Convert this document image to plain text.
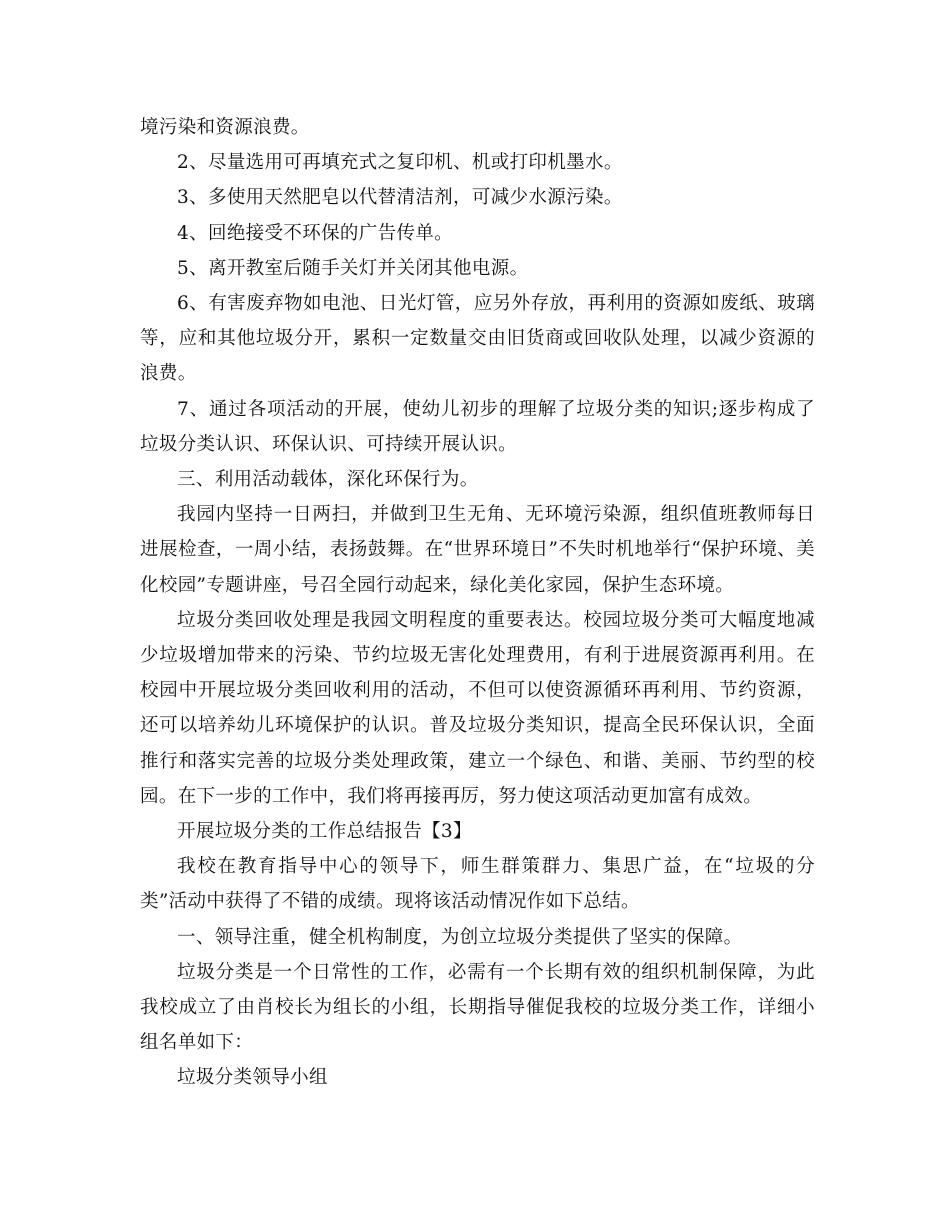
境污染和资源浪费。

2、尽量选用可再填充式之复印机、机或打印机墨水。

3、多使用天然肥皂以代替清洁剂，可减少水源污染。

4、回绝接受不环保的广告传单。

5、离开教室后随手关灯并关闭其他电源。

6、有害废弃物如电池、日光灯管，应另外存放，再利用的资源如废纸、玻璃等，应和其他垃圾分开，累积一定数量交由旧货商或回收队处理，以减少资源的浪费。

7、通过各项活动的开展，使幼儿初步的理解了垃圾分类的知识;逐步构成了垃圾分类认识、环保认识、可持续开展认识。

三、利用活动载体，深化环保行为。

我园内坚持一日两扫，并做到卫生无角、无环境污染源，组织值班教师每日进展检查，一周小结，表扬鼓舞。在“世界环境日”不失时机地举行“保护环境、美化校园”专题讲座，号召全园行动起来，绿化美化家园，保护生态环境。

垃圾分类回收处理是我园文明程度的重要表达。校园垃圾分类可大幅度地减少垃圾增加带来的污染、节约垃圾无害化处理费用，有利于进展资源再利用。在校园中开展垃圾分类回收利用的活动，不但可以使资源循环再利用、节约资源，还可以培养幼儿环境保护的认识。普及垃圾分类知识，提高全民环保认识，全面推行和落实完善的垃圾分类处理政策，建立一个绿色、和谐、美丽、节约型的校园。在下一步的工作中，我们将再接再厉，努力使这项活动更加富有成效。

开展垃圾分类的工作总结报告【3】

我校在教育指导中心的领导下，师生群策群力、集思广益，在“垃圾的分类”活动中获得了不错的成绩。现将该活动情况作如下总结。

一、领导注重，健全机构制度，为创立垃圾分类提供了坚实的保障。

垃圾分类是一个日常性的工作，必需有一个长期有效的组织机制保障，为此我校成立了由肖校长为组长的小组，长期指导催促我校的垃圾分类工作，详细小组名单如下：

垃圾分类领导小组
